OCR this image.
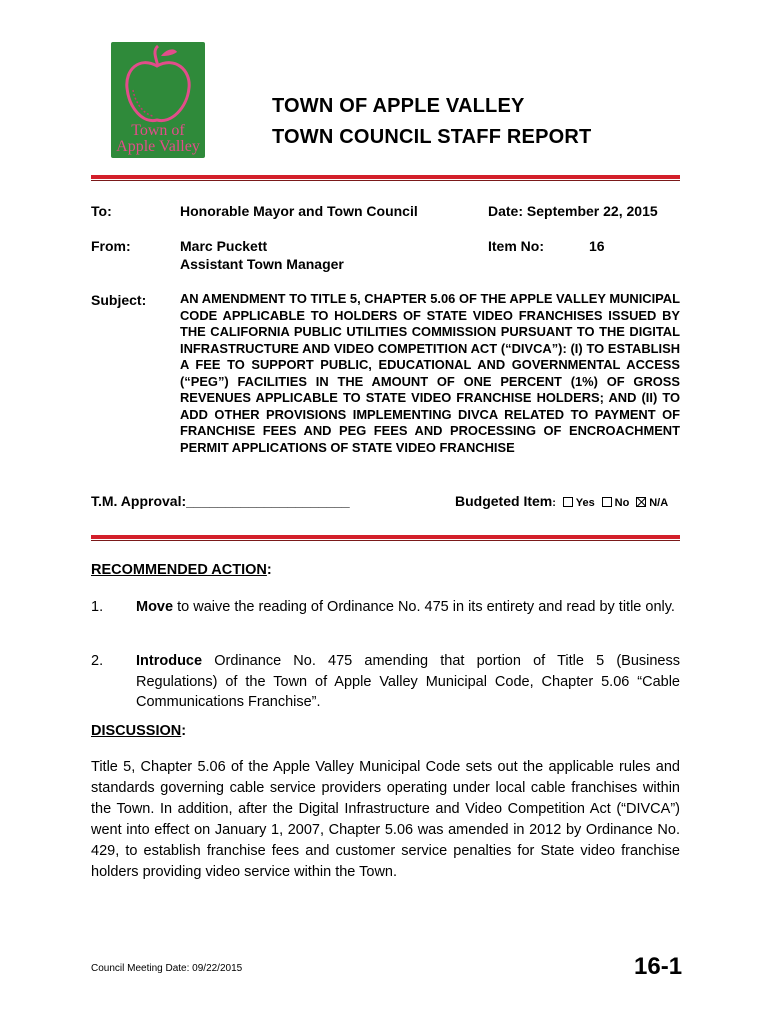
Town of
Apple Valley
TOWN OF APPLE VALLEY
TOWN COUNCIL STAFF REPORT
To:	Honorable Mayor and Town Council	Date: September 22, 2015
From:	Marc Puckett
Assistant Town Manager
Item No:	16
Subject:	AN AMENDMENT TO TITLE 5, CHAPTER 5.06 OF THE APPLE VALLEY MUNICIPAL CODE APPLICABLE TO HOLDERS OF STATE VIDEO FRANCHISES ISSUED BY THE CALIFORNIA PUBLIC UTILITIES COMMISSION PURSUANT TO THE DIGITAL INFRASTRUCTURE AND VIDEO COMPETITION ACT (“DIVCA”): (I) TO ESTABLISH A FEE TO SUPPORT PUBLIC, EDUCATIONAL AND GOVERNMENTAL ACCESS (“PEG”) FACILITIES IN THE AMOUNT OF ONE PERCENT (1%) OF GROSS REVENUES APPLICABLE TO STATE VIDEO FRANCHISE HOLDERS; AND (II) TO ADD OTHER PROVISIONS IMPLEMENTING DIVCA RELATED TO PAYMENT OF FRANCHISE FEES AND PEG FEES AND PROCESSING OF ENCROACHMENT PERMIT APPLICATIONS OF STATE VIDEO FRANCHISE
T.M. Approval:_____________________	Budgeted Item: Yes No N/A
RECOMMENDED ACTION:
1. Move to waive the reading of Ordinance No. 475 in its entirety and read by title only.
2. Introduce Ordinance No. 475 amending that portion of Title 5 (Business Regulations) of the Town of Apple Valley Municipal Code, Chapter 5.06 “Cable Communications Franchise”.
DISCUSSION:
Title 5, Chapter 5.06 of the Apple Valley Municipal Code sets out the applicable rules and standards governing cable service providers operating under local cable franchises within the Town. In addition, after the Digital Infrastructure and Video Competition Act (“DIVCA”) went into effect on January 1, 2007, Chapter 5.06 was amended in 2012 by Ordinance No. 429, to establish franchise fees and customer service penalties for State video franchise holders providing video service within the Town.
Council Meeting Date: 09/22/2015	16-1
